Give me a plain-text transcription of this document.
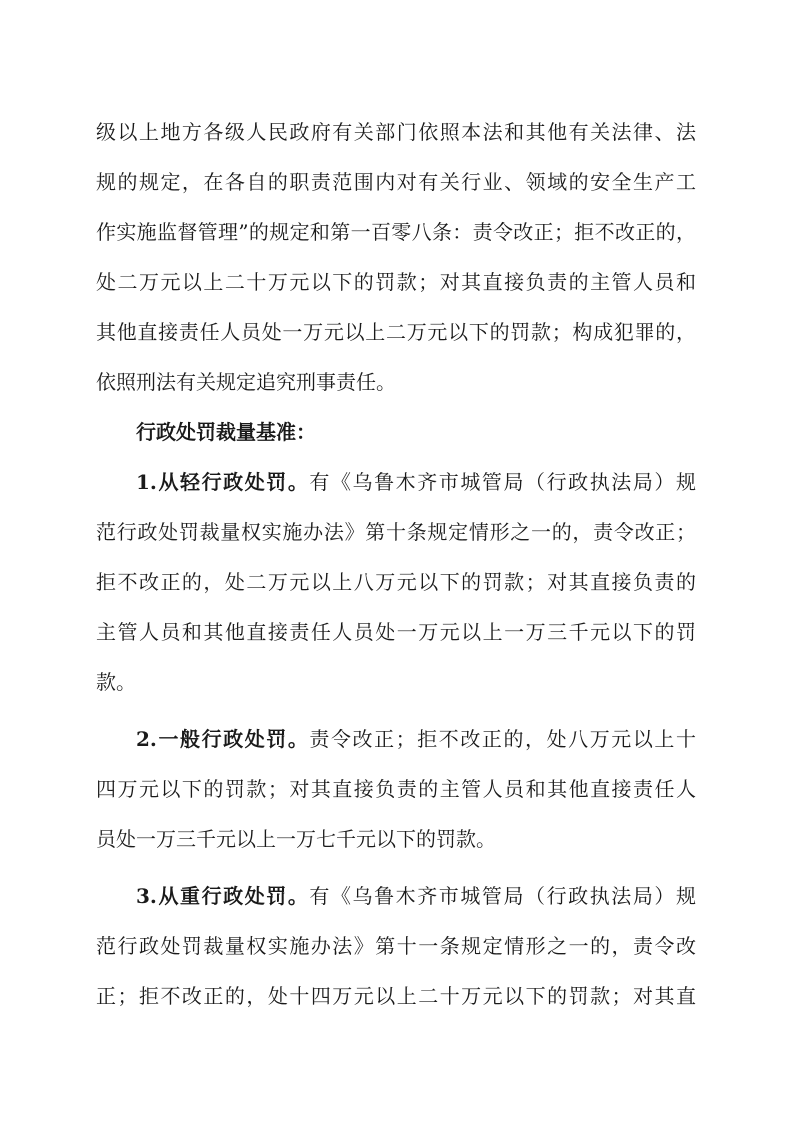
级以上地方各级人民政府有关部门依照本法和其他有关法律、法
规的规定，在各自的职责范围内对有关行业、领域的安全生产工
作实施监督管理”的规定和第一百零八条：责令改正；拒不改正的，
处二万元以上二十万元以下的罚款；对其直接负责的主管人员和
其他直接责任人员处一万元以上二万元以下的罚款；构成犯罪的，
依照刑法有关规定追究刑事责任。
行政处罚裁量基准：
1.从轻行政处罚。有《乌鲁木齐市城管局（行政执法局）规
范行政处罚裁量权实施办法》第十条规定情形之一的，责令改正；
拒不改正的，处二万元以上八万元以下的罚款；对其直接负责的
主管人员和其他直接责任人员处一万元以上一万三千元以下的罚
款。
2.一般行政处罚。责令改正；拒不改正的，处八万元以上十
四万元以下的罚款；对其直接负责的主管人员和其他直接责任人
员处一万三千元以上一万七千元以下的罚款。
3.从重行政处罚。有《乌鲁木齐市城管局（行政执法局）规
范行政处罚裁量权实施办法》第十一条规定情形之一的，责令改
正；拒不改正的，处十四万元以上二十万元以下的罚款；对其直
